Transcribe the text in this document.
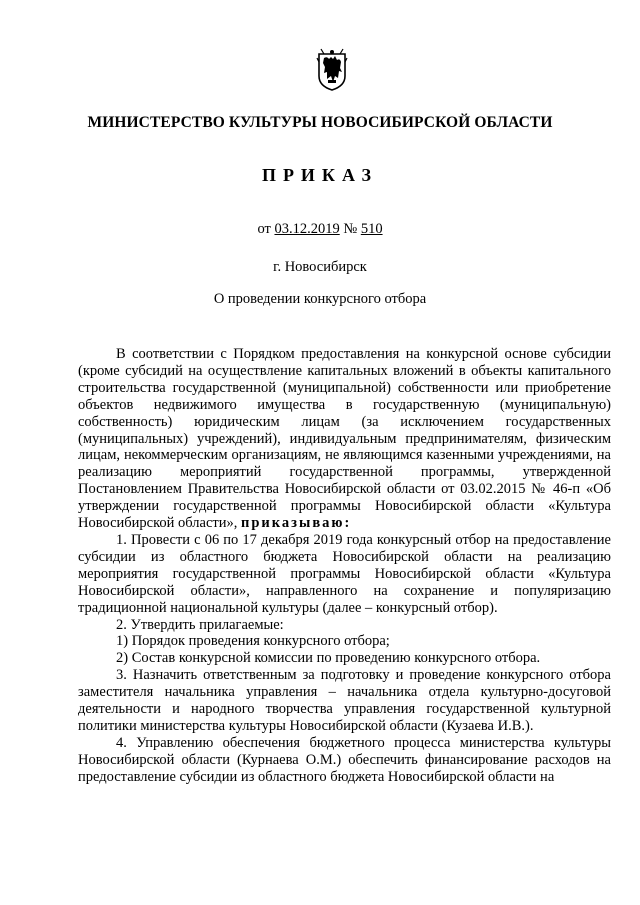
МИНИСТЕРСТВО КУЛЬТУРЫ НОВОСИБИРСКОЙ ОБЛАСТИ
ПРИКАЗ
от 03.12.2019 № 510
г. Новосибирск
О проведении конкурсного отбора

В соответствии с Порядком предоставления на конкурсной основе субсидии (кроме субсидий на осуществление капитальных вложений в объекты капитального строительства государственной (муниципальной) собственности или приобретение объектов недвижимого имущества в государственную (муниципальную) собственность) юридическим лицам (за исключением государственных (муниципальных) учреждений), индивидуальным предпринимателям, физическим лицам, некоммерческим организациям, не являющимся казенными учреждениями, на реализацию мероприятий государственной программы, утвержденной Постановлением Правительства Новосибирской области от 03.02.2015 № 46-п «Об утверждении государственной программы Новосибирской области «Культура Новосибирской области», приказываю:

1. Провести с 06 по 17 декабря 2019 года конкурсный отбор на предоставление субсидии из областного бюджета Новосибирской области на реализацию мероприятия государственной программы Новосибирской области «Культура Новосибирской области», направленного на сохранение и популяризацию традиционной национальной культуры (далее – конкурсный отбор).

2. Утвердить прилагаемые:

1) Порядок проведения конкурсного отбора;

2) Состав конкурсной комиссии по проведению конкурсного отбора.

3. Назначить ответственным за подготовку и проведение конкурсного отбора заместителя начальника управления – начальника отдела культурно-досуговой деятельности и народного творчества управления государственной культурной политики министерства культуры Новосибирской области (Кузаева И.В.).

4. Управлению обеспечения бюджетного процесса министерства культуры Новосибирской области (Курнаева О.М.) обеспечить финансирование расходов на предоставление субсидии из областного бюджета Новосибирской области на
